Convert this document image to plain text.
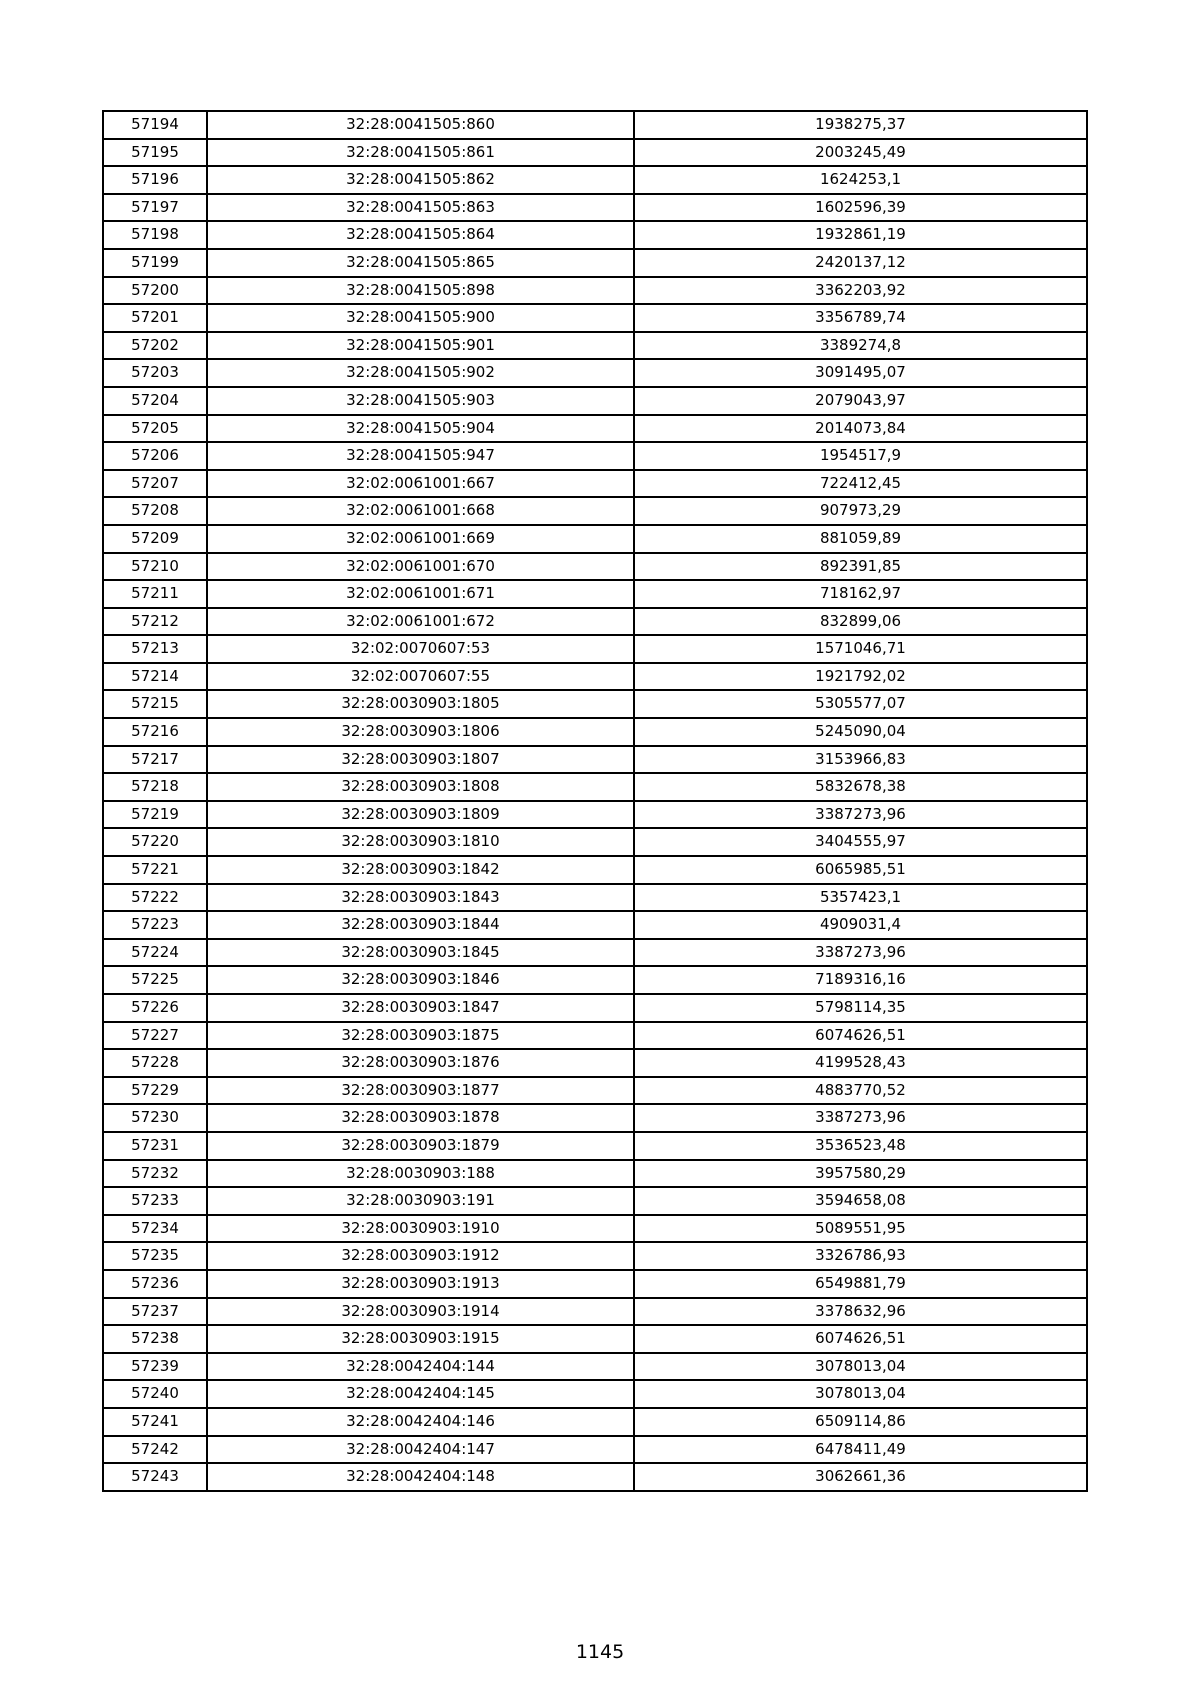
57194	32:28:0041505:860	1938275,37
57195	32:28:0041505:861	2003245,49
57196	32:28:0041505:862	1624253,1
57197	32:28:0041505:863	1602596,39
57198	32:28:0041505:864	1932861,19
57199	32:28:0041505:865	2420137,12
57200	32:28:0041505:898	3362203,92
57201	32:28:0041505:900	3356789,74
57202	32:28:0041505:901	3389274,8
57203	32:28:0041505:902	3091495,07
57204	32:28:0041505:903	2079043,97
57205	32:28:0041505:904	2014073,84
57206	32:28:0041505:947	1954517,9
57207	32:02:0061001:667	722412,45
57208	32:02:0061001:668	907973,29
57209	32:02:0061001:669	881059,89
57210	32:02:0061001:670	892391,85
57211	32:02:0061001:671	718162,97
57212	32:02:0061001:672	832899,06
57213	32:02:0070607:53	1571046,71
57214	32:02:0070607:55	1921792,02
57215	32:28:0030903:1805	5305577,07
57216	32:28:0030903:1806	5245090,04
57217	32:28:0030903:1807	3153966,83
57218	32:28:0030903:1808	5832678,38
57219	32:28:0030903:1809	3387273,96
57220	32:28:0030903:1810	3404555,97
57221	32:28:0030903:1842	6065985,51
57222	32:28:0030903:1843	5357423,1
57223	32:28:0030903:1844	4909031,4
57224	32:28:0030903:1845	3387273,96
57225	32:28:0030903:1846	7189316,16
57226	32:28:0030903:1847	5798114,35
57227	32:28:0030903:1875	6074626,51
57228	32:28:0030903:1876	4199528,43
57229	32:28:0030903:1877	4883770,52
57230	32:28:0030903:1878	3387273,96
57231	32:28:0030903:1879	3536523,48
57232	32:28:0030903:188	3957580,29
57233	32:28:0030903:191	3594658,08
57234	32:28:0030903:1910	5089551,95
57235	32:28:0030903:1912	3326786,93
57236	32:28:0030903:1913	6549881,79
57237	32:28:0030903:1914	3378632,96
57238	32:28:0030903:1915	6074626,51
57239	32:28:0042404:144	3078013,04
57240	32:28:0042404:145	3078013,04
57241	32:28:0042404:146	6509114,86
57242	32:28:0042404:147	6478411,49
57243	32:28:0042404:148	3062661,36
1145
